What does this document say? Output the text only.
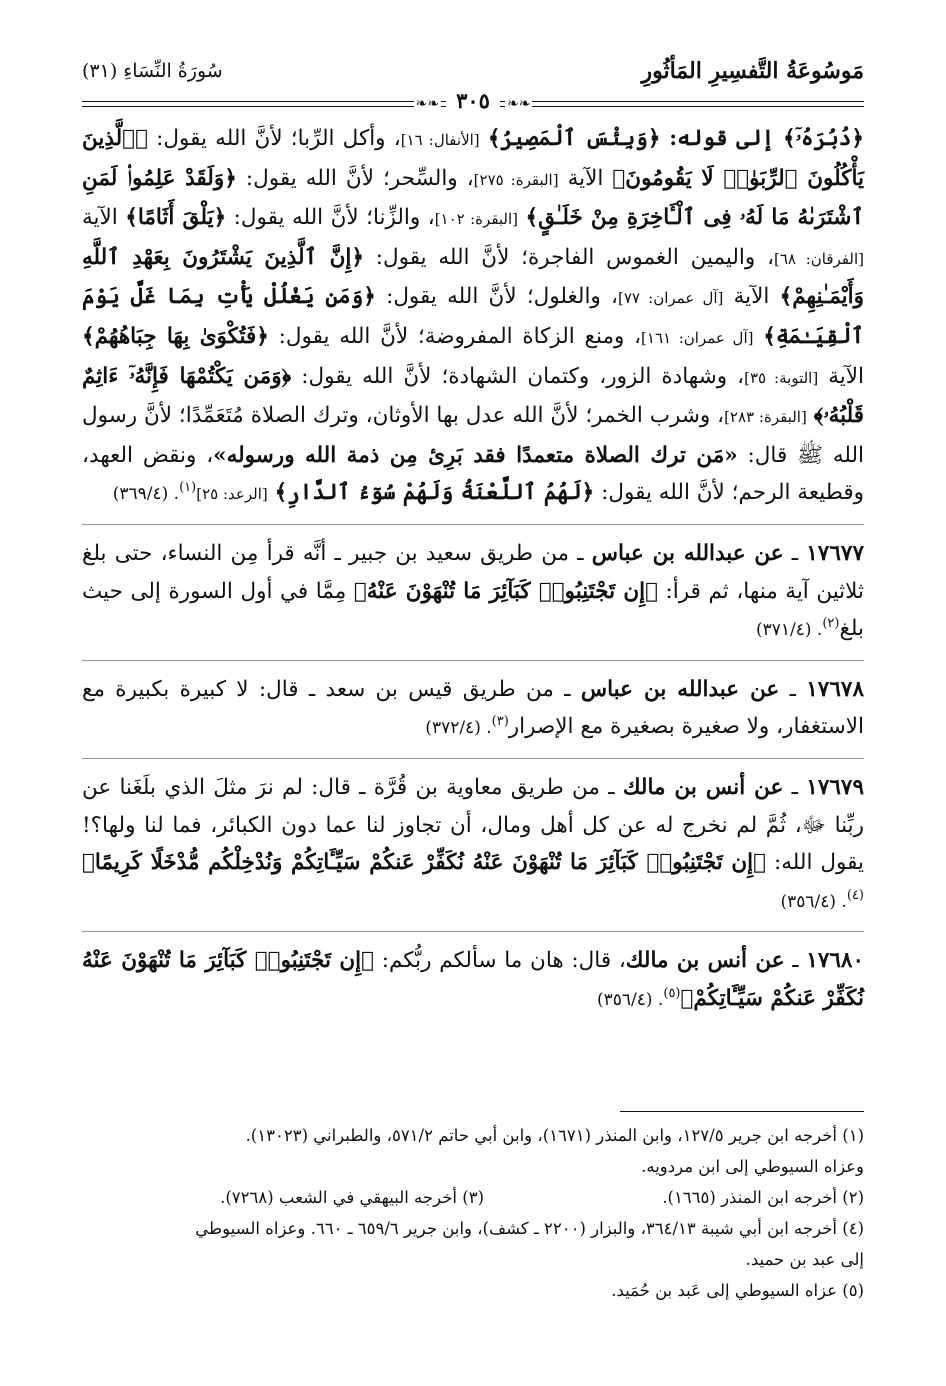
مَوسُوعَةُ التَّفسِيرِ المَأثُورِ
سُورَةُ النِّسَاءِ (٣١)
❧❧ ٣٠٥ ❧❧

﴿دُبُرَهُۥٓ﴾ إلى قوله: ﴿وَبِئْسَ ٱلْمَصِيرُ﴾ [الأنفال: ١٦]، وأكل الرِّبا؛ لأنَّ الله يقول: ﴿ٱلَّذِينَ يَأْكُلُونَ ٱلرِّبَوٰا۟ لَا يَقُومُونَ﴾ الآية [البقرة: ٢٧٥]، والسِّحر؛ لأنَّ الله يقول: ﴿وَلَقَدْ عَلِمُوا۟ لَمَنِ ٱشْتَرَىٰهُ مَا لَهُۥ فِى ٱلْـَٔاخِرَةِ مِنْ خَلَـٰقٍ﴾ [البقرة: ١٠٢]، والزِّنا؛ لأنَّ الله يقول: ﴿يَلْقَ أَثَامًا﴾ الآية [الفرقان: ٦٨]، واليمين الغموس الفاجرة؛ لأنَّ الله يقول: ﴿إِنَّ ٱلَّذِينَ يَشْتَرُونَ بِعَهْدِ ٱللَّهِ وَأَيْمَـٰنِهِمْ﴾ الآية [آل عمران: ٧٧]، والغلول؛ لأنَّ الله يقول: ﴿وَمَن يَغْلُلْ يَأْتِ بِمَا غَلَّ يَوْمَ ٱلْقِيَـٰمَةِ﴾ [آل عمران: ١٦١]، ومنع الزكاة المفروضة؛ لأنَّ الله يقول: ﴿فَتُكْوَىٰ بِهَا جِبَاهُهُمْ﴾ الآية [التوبة: ٣٥]، وشهادة الزور، وكتمان الشهادة؛ لأنَّ الله يقول: ﴿وَمَن يَكْتُمْهَا فَإِنَّهُۥٓ ءَاثِمٌ قَلْبُهُۥ﴾ [البقرة: ٢٨٣]، وشرب الخمر؛ لأنَّ الله عدل بها الأوثان، وترك الصلاة مُتَعَمِّدًا؛ لأنَّ رسول الله ﷺ قال: «مَن ترك الصلاة متعمدًا فقد بَرِئ مِن ذمة الله ورسوله»، ونقض العهد، وقطيعة الرحم؛ لأنَّ الله يقول: ﴿لَهُمُ ٱللَّعْنَةُ وَلَهُمْ سُوٓءُ ٱلدَّارِ﴾ [الرعد: ٢٥]$^{(١)}$. (٣٦٩/٤)

١٧٦٧٧ ـ عن عبدالله بن عباس ـ من طريق سعيد بن جبير ـ أنَّه قرأ مِن النساء، حتى بلغ ثلاثين آية منها، ثم قرأ: ﴿إِن تَجْتَنِبُوا۟ كَبَآئِرَ مَا تُنْهَوْنَ عَنْهُ﴾ مِمَّا في أول السورة إلى حيث بلغ$^{(٢)}$. (٣٧١/٤)

١٧٦٧٨ ـ عن عبدالله بن عباس ـ من طريق قيس بن سعد ـ قال: لا كبيرة بكبيرة مع الاستغفار، ولا صغيرة بصغيرة مع الإصرار$^{(٣)}$. (٣٧٢/٤)

١٧٦٧٩ ـ عن أنس بن مالك ـ من طريق معاوية بن قُرَّة ـ قال: لم نرَ مثلَ الذي بلَغَنا عن ربِّنا ﷻ، ثُمَّ لم نخرج له عن كل أهل ومال، أن تجاوز لنا عما دون الكبائر، فما لنا ولها؟! يقول الله: ﴿إِن تَجْتَنِبُوا۟ كَبَآئِرَ مَا تُنْهَوْنَ عَنْهُ نُكَفِّرْ عَنكُمْ سَيِّـَٔاتِكُمْ وَنُدْخِلْكُم مُّدْخَلًا كَرِيمًا﴾$^{(٤)}$. (٣٥٦/٤)

١٧٦٨٠ ـ عن أنس بن مالك، قال: هان ما سألكم ربُّكم: ﴿إِن تَجْتَنِبُوا۟ كَبَآئِرَ مَا تُنْهَوْنَ عَنْهُ نُكَفِّرْ عَنكُمْ سَيِّـَٔاتِكُمْ﴾$^{(٥)}$. (٣٥٦/٤)

(١) أخرجه ابن جرير ١٢٧/٥، وابن المنذر (١٦٧١)، وابن أبي حاتم ٥٧١/٢، والطبراني (١٣٠٢٣).

وعزاه السيوطي إلى ابن مردويه.

(٢) أخرجه ابن المنذر (١٦٦٥).
(٣) أخرجه البيهقي في الشعب (٧٢٦٨).

(٤) أخرجه ابن أبي شيبة ٣٦٤/١٣، والبزار (٢٢٠٠ ـ كشف)، وابن جرير ٦٥٩/٦ ـ ٦٦٠. وعزاه السيوطي

إلى عبد بن حميد.

(٥) عزاه السيوطي إلى عَبد بن حُمَيد.
